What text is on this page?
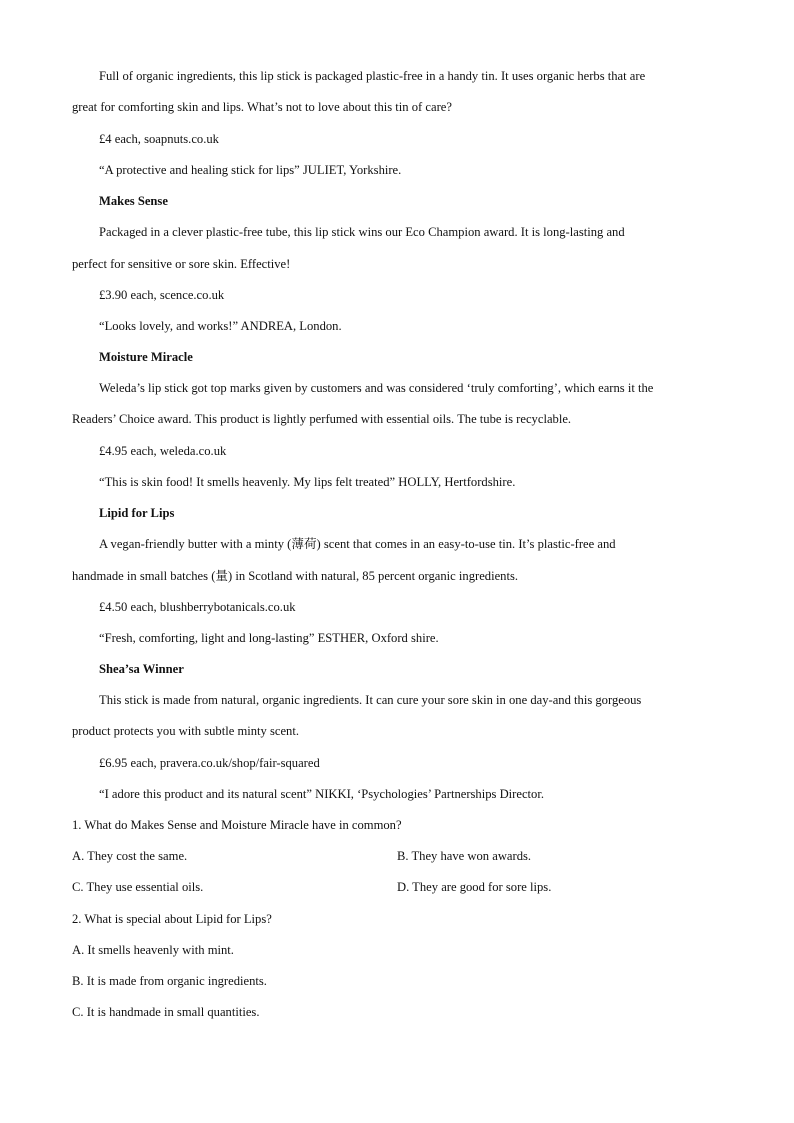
Full of organic ingredients, this lip stick is packaged plastic-free in a handy tin. It uses organic herbs that are
great for comforting skin and lips. What’s not to love about this tin of care?
£4 each, soapnuts.co.uk
“A protective and healing stick for lips” JULIET, Yorkshire.
Makes Sense
Packaged in a clever plastic-free tube, this lip stick wins our Eco Champion award. It is long-lasting and
perfect for sensitive or sore skin. Effective!
£3.90 each, scence.co.uk
“Looks lovely, and works!” ANDREA, London.
Moisture Miracle
Weleda’s lip stick got top marks given by customers and was considered ‘truly comforting’, which earns it the
Readers’ Choice award. This product is lightly perfumed with essential oils. The tube is recyclable.
£4.95 each, weleda.co.uk
“This is skin food! It smells heavenly. My lips felt treated” HOLLY, Hertfordshire.
Lipid for Lips
A vegan-friendly butter with a minty (薄荷) scent that comes in an easy-to-use tin. It’s plastic-free and
handmade in small batches (量) in Scotland with natural, 85 percent organic ingredients.
£4.50 each, blushberrybotanicals.co.uk
“Fresh, comforting, light and long-lasting” ESTHER, Oxford shire.
Shea’sa Winner
This stick is made from natural, organic ingredients. It can cure your sore skin in one day-and this gorgeous
product protects you with subtle minty scent.
£6.95 each, pravera.co.uk/shop/fair-squared
“I adore this product and its natural scent” NIKKI, ‘Psychologies’ Partnerships Director.
1. What do Makes Sense and Moisture Miracle have in common?
A. They cost the same.	B. They have won awards.
C. They use essential oils.	D. They are good for sore lips.
2. What is special about Lipid for Lips?
A. It smells heavenly with mint.
B. It is made from organic ingredients.
C. It is handmade in small quantities.
